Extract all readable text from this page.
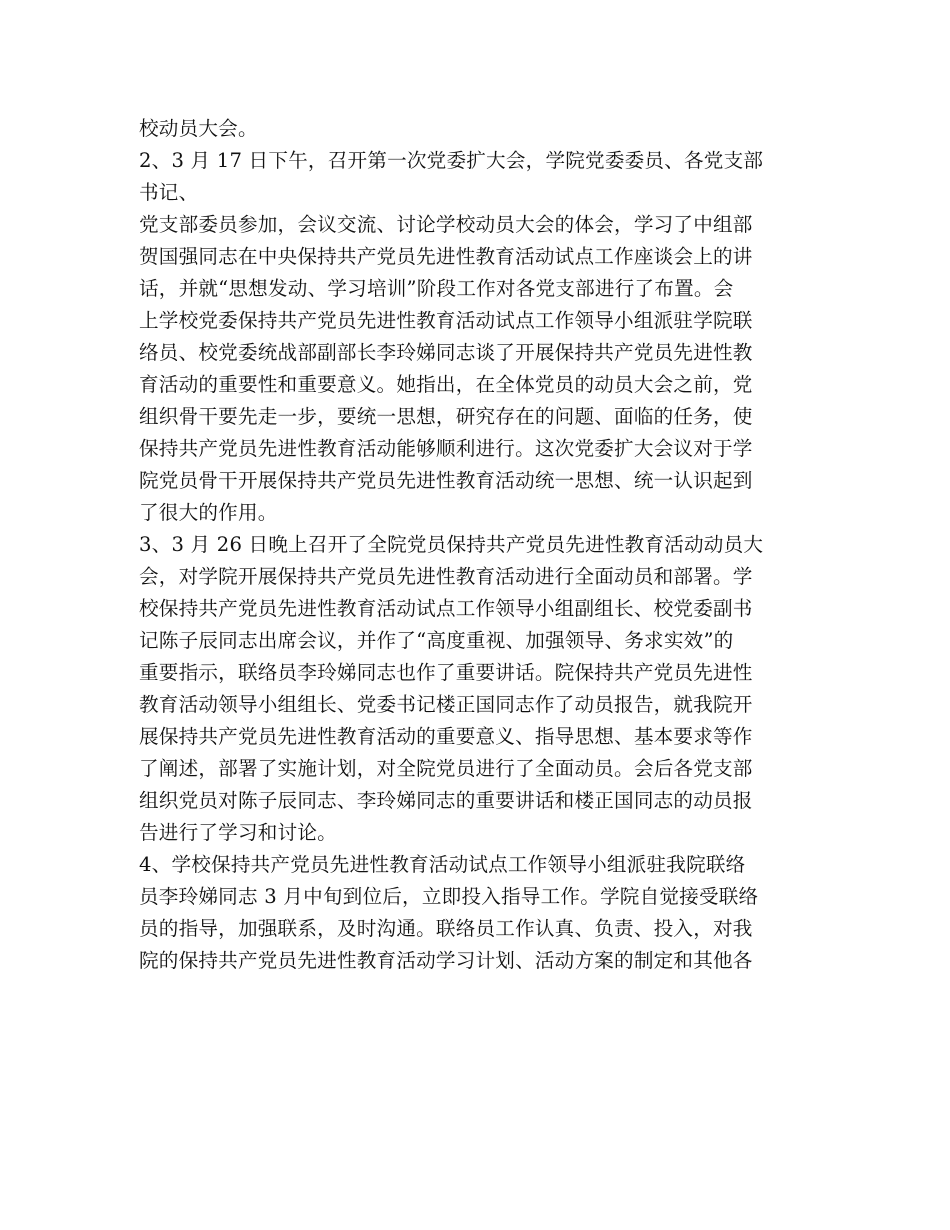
校动员大会。
2、3 月 17 日下午，召开第一次党委扩大会，学院党委委员、各党支部
书记、
党支部委员参加，会议交流、讨论学校动员大会的体会，学习了中组部
贺国强同志在中央保持共产党员先进性教育活动试点工作座谈会上的讲
话，并就“思想发动、学习培训”阶段工作对各党支部进行了布置。会
上学校党委保持共产党员先进性教育活动试点工作领导小组派驻学院联
络员、校党委统战部副部长李玲娣同志谈了开展保持共产党员先进性教
育活动的重要性和重要意义。她指出，在全体党员的动员大会之前，党
组织骨干要先走一步，要统一思想，研究存在的问题、面临的任务，使
保持共产党员先进性教育活动能够顺利进行。这次党委扩大会议对于学
院党员骨干开展保持共产党员先进性教育活动统一思想、统一认识起到
了很大的作用。
3、3 月 26 日晚上召开了全院党员保持共产党员先进性教育活动动员大
会，对学院开展保持共产党员先进性教育活动进行全面动员和部署。学
校保持共产党员先进性教育活动试点工作领导小组副组长、校党委副书
记陈子辰同志出席会议，并作了“高度重视、加强领导、务求实效”的
重要指示，联络员李玲娣同志也作了重要讲话。院保持共产党员先进性
教育活动领导小组组长、党委书记楼正国同志作了动员报告，就我院开
展保持共产党员先进性教育活动的重要意义、指导思想、基本要求等作
了阐述，部署了实施计划，对全院党员进行了全面动员。会后各党支部
组织党员对陈子辰同志、李玲娣同志的重要讲话和楼正国同志的动员报
告进行了学习和讨论。
4、学校保持共产党员先进性教育活动试点工作领导小组派驻我院联络
员李玲娣同志 3 月中旬到位后，立即投入指导工作。学院自觉接受联络
员的指导，加强联系，及时沟通。联络员工作认真、负责、投入，对我
院的保持共产党员先进性教育活动学习计划、活动方案的制定和其他各
